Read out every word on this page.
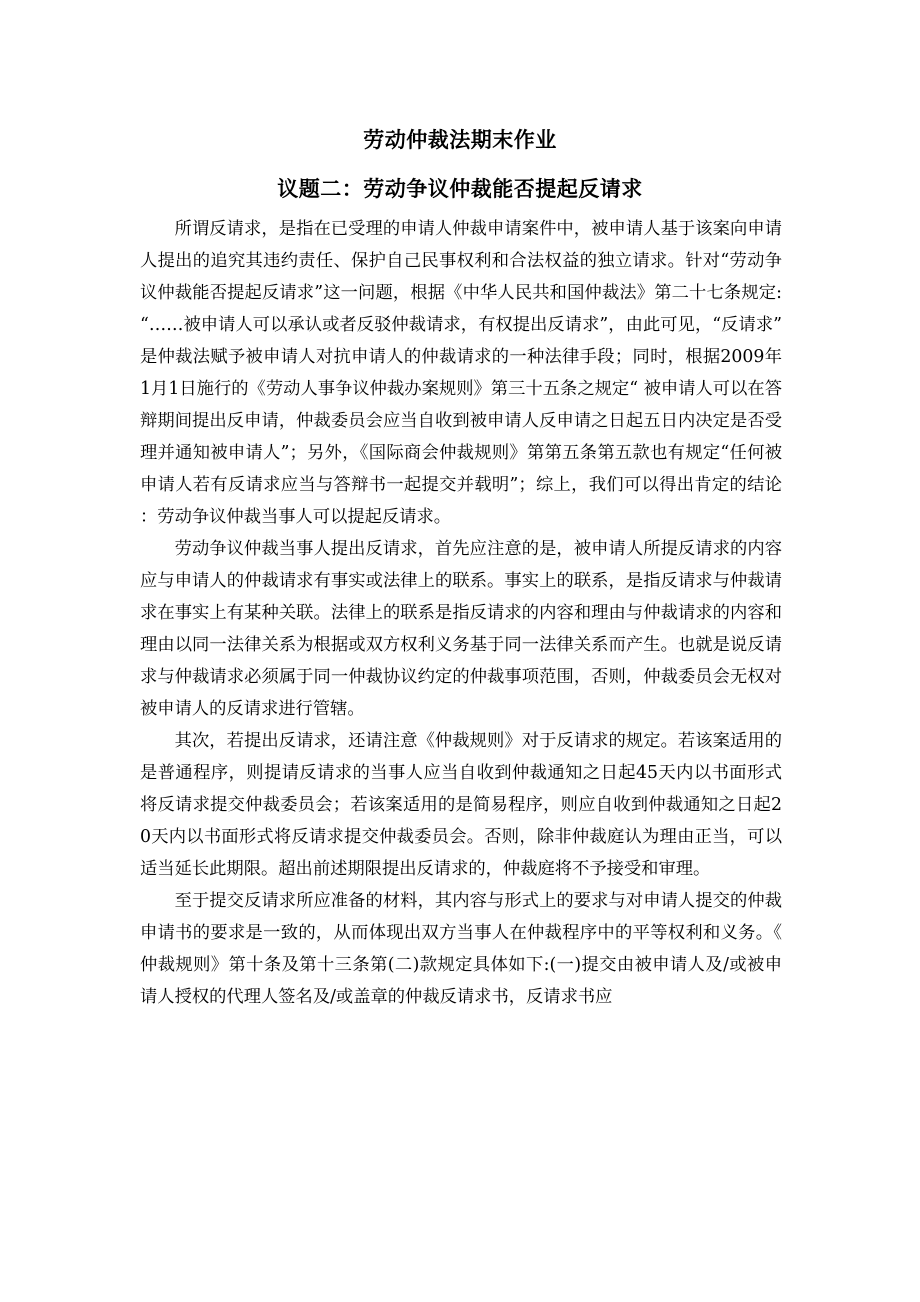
劳动仲裁法期末作业
议题二：劳动争议仲裁能否提起反请求

所谓反请求，是指在已受理的申请人仲裁申请案件中，被申请人基于该案向申请人提出的追究其违约责任、保护自己民事权利和合法权益的独立请求。针对“劳动争议仲裁能否提起反请求”这一问题，根据《中华人民共和国仲裁法》第二十七条规定:“……被申请人可以承认或者反驳仲裁请求，有权提出反请求”，由此可见，“反请求”是仲裁法赋予被申请人对抗申请人的仲裁请求的一种法律手段；同时，根据2009年1月1日施行的《劳动人事争议仲裁办案规则》第三十五条之规定“ 被申请人可以在答辩期间提出反申请，仲裁委员会应当自收到被申请人反申请之日起五日内决定是否受理并通知被申请人”；另外，《国际商会仲裁规则》第第五条第五款也有规定“任何被申请人若有反请求应当与答辩书一起提交并载明”；综上，我们可以得出肯定的结论：劳动争议仲裁当事人可以提起反请求。

劳动争议仲裁当事人提出反请求，首先应注意的是，被申请人所提反请求的内容应与申请人的仲裁请求有事实或法律上的联系。事实上的联系，是指反请求与仲裁请求在事实上有某种关联。法律上的联系是指反请求的内容和理由与仲裁请求的内容和理由以同一法律关系为根据或双方权利义务基于同一法律关系而产生。也就是说反请求与仲裁请求必须属于同一仲裁协议约定的仲裁事项范围，否则，仲裁委员会无权对被申请人的反请求进行管辖。

其次，若提出反请求，还请注意《仲裁规则》对于反请求的规定。若该案适用的是普通程序，则提请反请求的当事人应当自收到仲裁通知之日起45天内以书面形式将反请求提交仲裁委员会；若该案适用的是简易程序，则应自收到仲裁通知之日起20天内以书面形式将反请求提交仲裁委员会。否则，除非仲裁庭认为理由正当，可以适当延长此期限。超出前述期限提出反请求的，仲裁庭将不予接受和审理。

至于提交反请求所应准备的材料，其内容与形式上的要求与对申请人提交的仲裁申请书的要求是一致的，从而体现出双方当事人在仲裁程序中的平等权利和义务。《仲裁规则》第十条及第十三条第(二)款规定具体如下:(一)提交由被申请人及/或被申请人授权的代理人签名及/或盖章的仲裁反请求书，反请求书应
